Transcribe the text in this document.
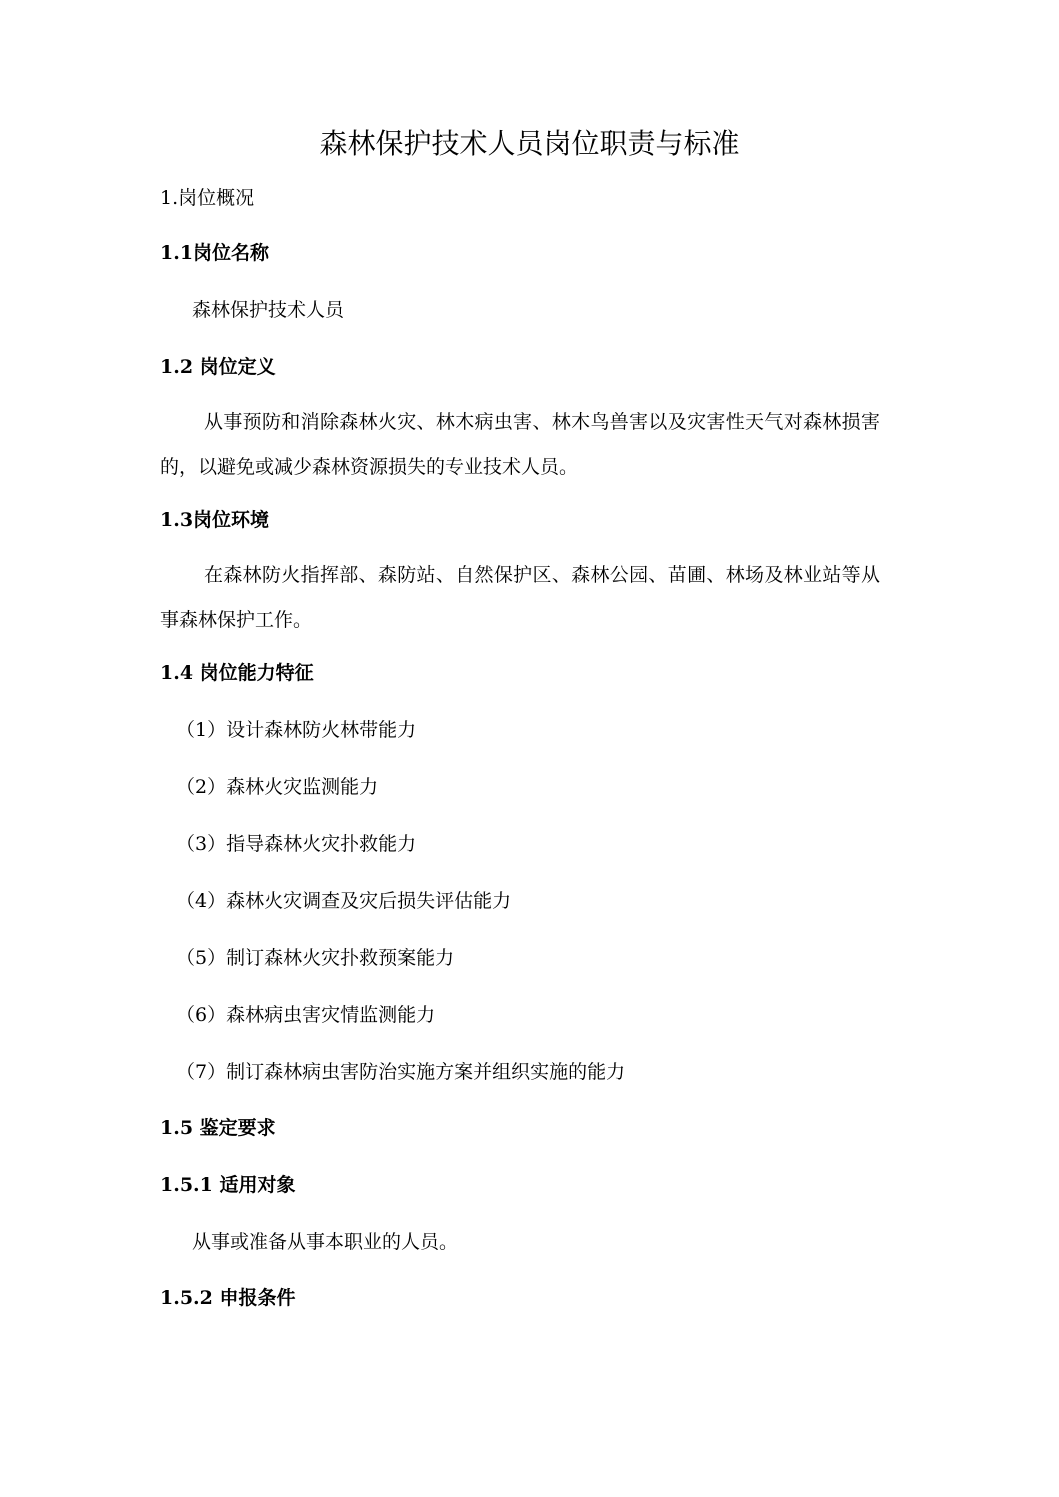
森林保护技术人员岗位职责与标准

1.岗位概况

1.1岗位名称

森林保护技术人员

1.2 岗位定义

从事预防和消除森林火灾、林木病虫害、林木鸟兽害以及灾害性天气对森林损害的，以避免或减少森林资源损失的专业技术人员。

1.3岗位环境

在森林防火指挥部、森防站、自然保护区、森林公园、苗圃、林场及林业站等从事森林保护工作。

1.4 岗位能力特征

（1）设计森林防火林带能力

（2）森林火灾监测能力

（3）指导森林火灾扑救能力

（4）森林火灾调查及灾后损失评估能力

（5）制订森林火灾扑救预案能力

（6）森林病虫害灾情监测能力

（7）制订森林病虫害防治实施方案并组织实施的能力

1.5 鉴定要求

1.5.1 适用对象

从事或准备从事本职业的人员。

1.5.2 申报条件
